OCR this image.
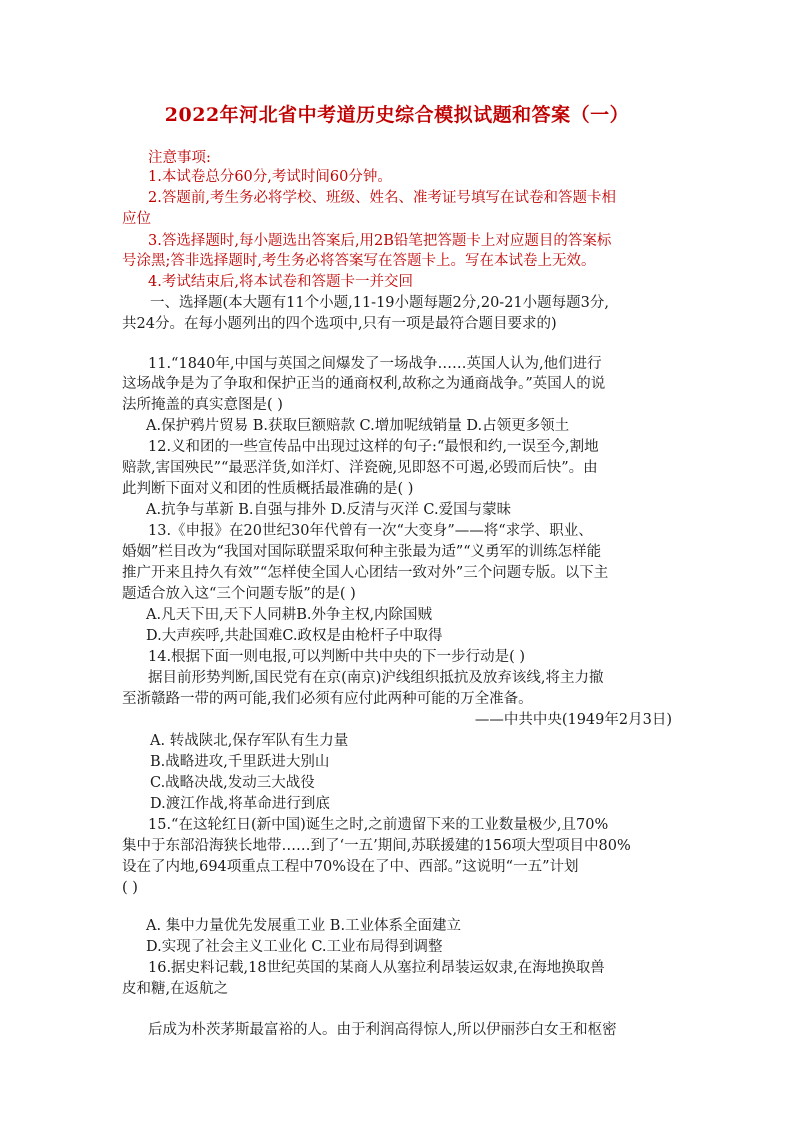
2022年河北省中考道历史综合模拟试题和答案（一）
注意事项:
1.本试卷总分60分,考试时间60分钟。
2.答题前,考生务必将学校、班级、姓名、准考证号填写在试卷和答题卡相
应位
3.答选择题时,每小题选出答案后,用2B铅笔把答题卡上对应题目的答案标
号涂黑;答非选择题时,考生务必将答案写在答题卡上。写在本试卷上无效。
4.考试结束后,将本试卷和答题卡一并交回
一、选择题(本大题有11个小题,11-19小题每题2分,20-21小题每题3分,
共24分。在每小题列出的四个选项中,只有一项是最符合题目要求的)
11.“1840年,中国与英国之间爆发了一场战争……英国人认为,他们进行
这场战争是为了争取和保护正当的通商权利,故称之为通商战争。”英国人的说
法所掩盖的真实意图是( )
A.保护鸦片贸易 B.获取巨额赔款 C.增加呢绒销量 D.占领更多领土
12.义和团的一些宣传品中出现过这样的句子:“最恨和约,一误至今,割地
赔款,害国殃民”“最恶洋货,如洋灯、洋瓷碗,见即怒不可遏,必毁而后快”。由
此判断下面对义和团的性质概括最准确的是( )
A.抗争与革新 B.自强与排外 D.反清与灭洋 C.爱国与蒙昧
13.《申报》在20世纪30年代曾有一次“大变身”——将“求学、职业、
婚姻”栏目改为“我国对国际联盟采取何种主张最为适”“义勇军的训练怎样能
推广开来且持久有效”“怎样使全国人心团结一致对外”三个问题专版。以下主
题适合放入这“三个问题专版”的是( )
A.凡天下田,天下人同耕B.外争主权,内除国贼
D.大声疾呼,共赴国难C.政权是由枪杆子中取得
14.根据下面一则电报,可以判断中共中央的下一步行动是( )
据目前形势判断,国民党有在京(南京)沪线组织抵抗及放弃该线,将主力撤
至浙赣路一带的两可能,我们必须有应付此两种可能的万全准备。
——中共中央(1949年2月3日)
A. 转战陕北,保存军队有生力量
B.战略进攻,千里跃进大别山
C.战略决战,发动三大战役
D.渡江作战,将革命进行到底
15.“在这轮红日(新中国)诞生之时,之前遗留下来的工业数量极少,且70%
集中于东部沿海狭长地带……到了‘一五’期间,苏联援建的156项大型项目中80%
设在了内地,694项重点工程中70%设在了中、西部。”这说明“一五”计划
( )
A. 集中力量优先发展重工业 B.工业体系全面建立
D.实现了社会主义工业化 C.工业布局得到调整
16.据史料记载,18世纪英国的某商人从塞拉利昂装运奴隶,在海地换取兽
皮和糖,在返航之
后成为朴茨茅斯最富裕的人。由于利润高得惊人,所以伊丽莎白女王和枢密
